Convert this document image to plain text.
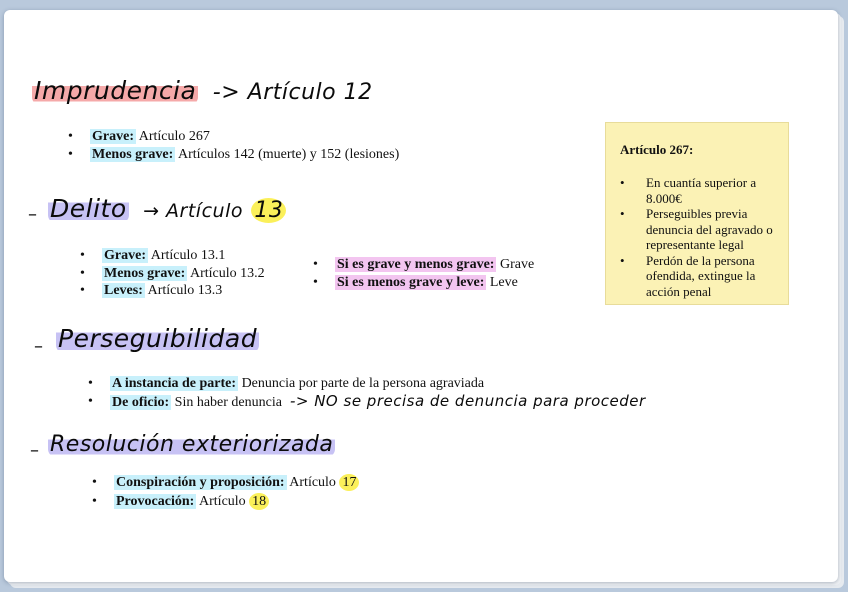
Imprudencia -> Artículo 12
• Grave: Artículo 267
• Menos grave: Artículos 142 (muerte) y 152 (lesiones)
– Delito → Artículo 13
• Grave: Artículo 13.1
• Menos grave: Artículo 13.2
• Leves: Artículo 13.3
• Si es grave y menos grave: Grave
• Si es menos grave y leve: Leve
Artículo 267:
• En cuantía superior a 8.000€
• Perseguibles previa denuncia del agravado o representante legal
• Perdón de la persona ofendida, extingue la acción penal
– Perseguibilidad
• A instancia de parte: Denuncia por parte de la persona agraviada
• De oficio: Sin haber denuncia -> NO se precisa de denuncia para proceder
– Resolución exteriorizada
• Conspiración y proposición: Artículo 17
• Provocación: Artículo 18
